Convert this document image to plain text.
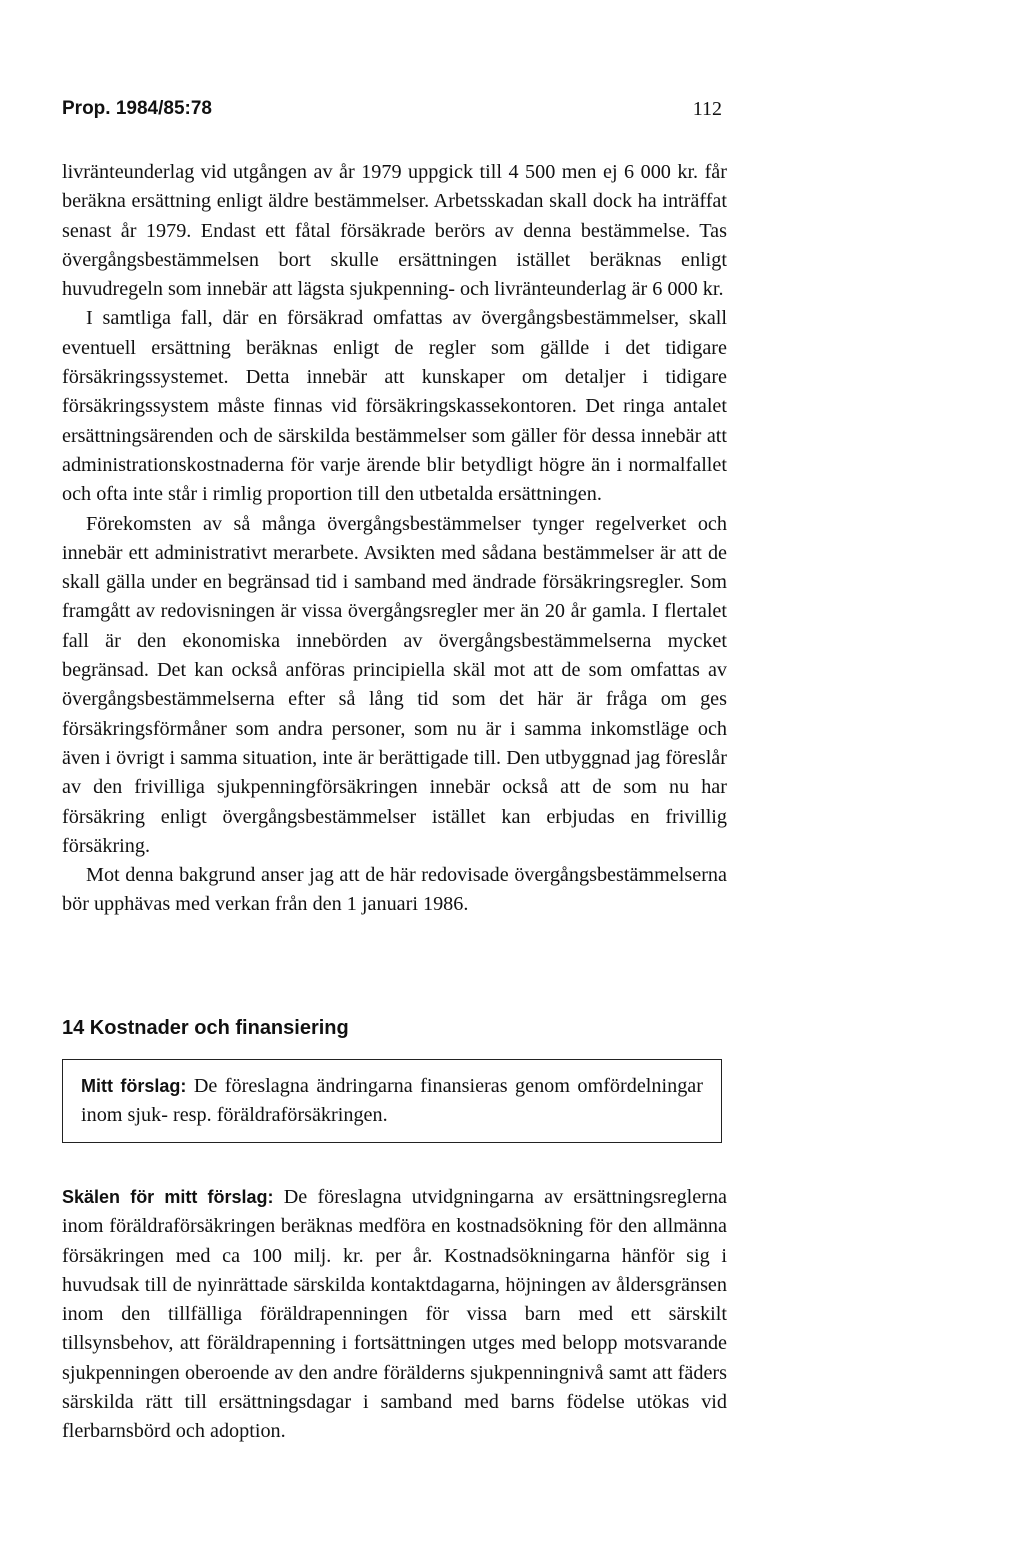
Prop. 1984/85:78	112

livränteunderlag vid utgången av år 1979 uppgick till 4 500 men ej 6 000 kr. får beräkna ersättning enligt äldre bestämmelser. Arbetsskadan skall dock ha inträffat senast år 1979. Endast ett fåtal försäkrade berörs av denna bestämmelse. Tas övergångsbestämmelsen bort skulle ersättningen istället beräknas enligt huvudregeln som innebär att lägsta sjukpenning- och livränteunderlag är 6 000 kr.

I samtliga fall, där en försäkrad omfattas av övergångsbestämmelser, skall eventuell ersättning beräknas enligt de regler som gällde i det tidigare försäkringssystemet. Detta innebär att kunskaper om detaljer i tidigare försäkringssystem måste finnas vid försäkringskassekontoren. Det ringa antalet ersättningsärenden och de särskilda bestämmelser som gäller för dessa innebär att administrationskostnaderna för varje ärende blir betydligt högre än i normalfallet och ofta inte står i rimlig proportion till den utbetalda ersättningen.

Förekomsten av så många övergångsbestämmelser tynger regelverket och innebär ett administrativt merarbete. Avsikten med sådana bestämmelser är att de skall gälla under en begränsad tid i samband med ändrade försäkringsregler. Som framgått av redovisningen är vissa övergångsregler mer än 20 år gamla. I flertalet fall är den ekonomiska innebörden av övergångsbestämmelserna mycket begränsad. Det kan också anföras principiella skäl mot att de som omfattas av övergångsbestämmelserna efter så lång tid som det här är fråga om ges försäkringsförmåner som andra personer, som nu är i samma inkomstläge och även i övrigt i samma situation, inte är berättigade till. Den utbyggnad jag föreslår av den frivilliga sjukpenningförsäkringen innebär också att de som nu har försäkring enligt övergångsbestämmelser istället kan erbjudas en frivillig försäkring.

Mot denna bakgrund anser jag att de här redovisade övergångsbestämmelserna bör upphävas med verkan från den 1 januari 1986.

14 Kostnader och finansiering
Mitt förslag: De föreslagna ändringarna finansieras genom omfördelningar inom sjuk- resp. föräldraförsäkringen.

Skälen för mitt förslag: De föreslagna utvidgningarna av ersättningsreglerna inom föräldraförsäkringen beräknas medföra en kostnadsökning för den allmänna försäkringen med ca 100 milj. kr. per år. Kostnadsökningarna hänför sig i huvudsak till de nyinrättade särskilda kontaktdagarna, höjningen av åldersgränsen inom den tillfälliga föräldrapenningen för vissa barn med ett särskilt tillsynsbehov, att föräldrapenning i fortsättningen utges med belopp motsvarande sjukpenningen oberoende av den andre förälderns sjukpenningnivå samt att fäders särskilda rätt till ersättningsdagar i samband med barns födelse utökas vid flerbarnsbörd och adoption.
